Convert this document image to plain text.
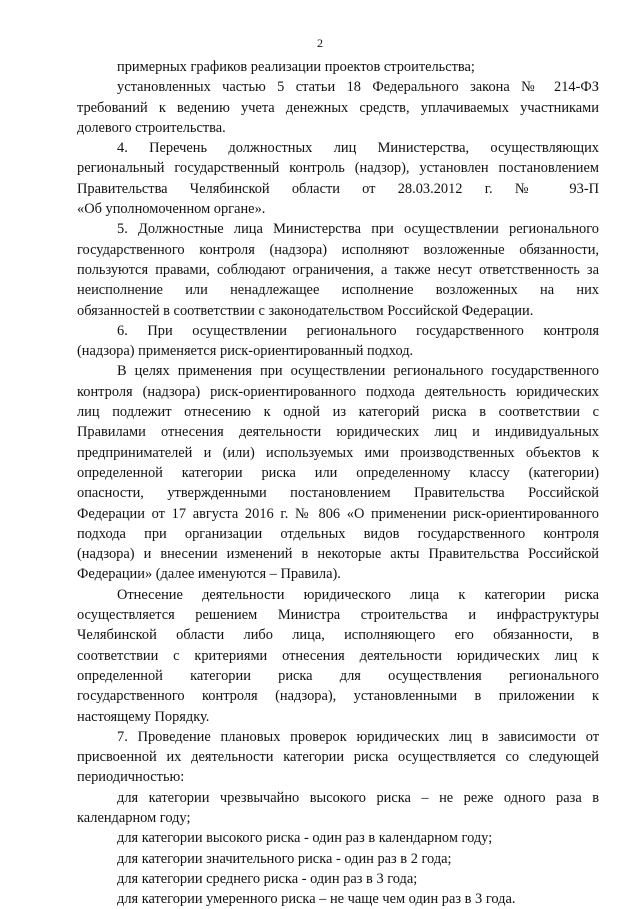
2
примерных графиков реализации проектов строительства;
установленных частью 5 статьи 18 Федерального закона № 214-ФЗ
требований к ведению учета денежных средств, уплачиваемых участниками
долевого строительства.
4. Перечень должностных лиц Министерства, осуществляющих
региональный государственный контроль (надзор), установлен постановлением
Правительства Челябинской области от 28.03.2012 г. № 93-П
«Об уполномоченном органе».
5. Должностные лица Министерства при осуществлении регионального
государственного контроля (надзора) исполняют возложенные обязанности,
пользуются правами, соблюдают ограничения, а также несут ответственность за
неисполнение или ненадлежащее исполнение возложенных на них
обязанностей в соответствии с законодательством Российской Федерации.
6. При осуществлении регионального государственного контроля
(надзора) применяется риск-ориентированный подход.
В целях применения при осуществлении регионального государственного
контроля (надзора) риск-ориентированного подхода деятельность юридических
лиц подлежит отнесению к одной из категорий риска в соответствии с
Правилами отнесения деятельности юридических лиц и индивидуальных
предпринимателей и (или) используемых ими производственных объектов к
определенной категории риска или определенному классу (категории)
опасности, утвержденными постановлением Правительства Российской
Федерации от 17 августа 2016 г. № 806 «О применении риск-ориентированного
подхода при организации отдельных видов государственного контроля
(надзора) и внесении изменений в некоторые акты Правительства Российской
Федерации» (далее именуются – Правила).
Отнесение деятельности юридического лица к категории риска
осуществляется решением Министра строительства и инфраструктуры
Челябинской области либо лица, исполняющего его обязанности, в
соответствии с критериями отнесения деятельности юридических лиц к
определенной категории риска для осуществления регионального
государственного контроля (надзора), установленными в приложении к
настоящему Порядку.
7. Проведение плановых проверок юридических лиц в зависимости от
присвоенной их деятельности категории риска осуществляется со следующей
периодичностью:
для категории чрезвычайно высокого риска – не реже одного раза в
календарном году;
для категории высокого риска - один раз в календарном году;
для категории значительного риска - один раз в 2 года;
для категории среднего риска - один раз в 3 года;
для категории умеренного риска – не чаще чем один раз в 3 года.
